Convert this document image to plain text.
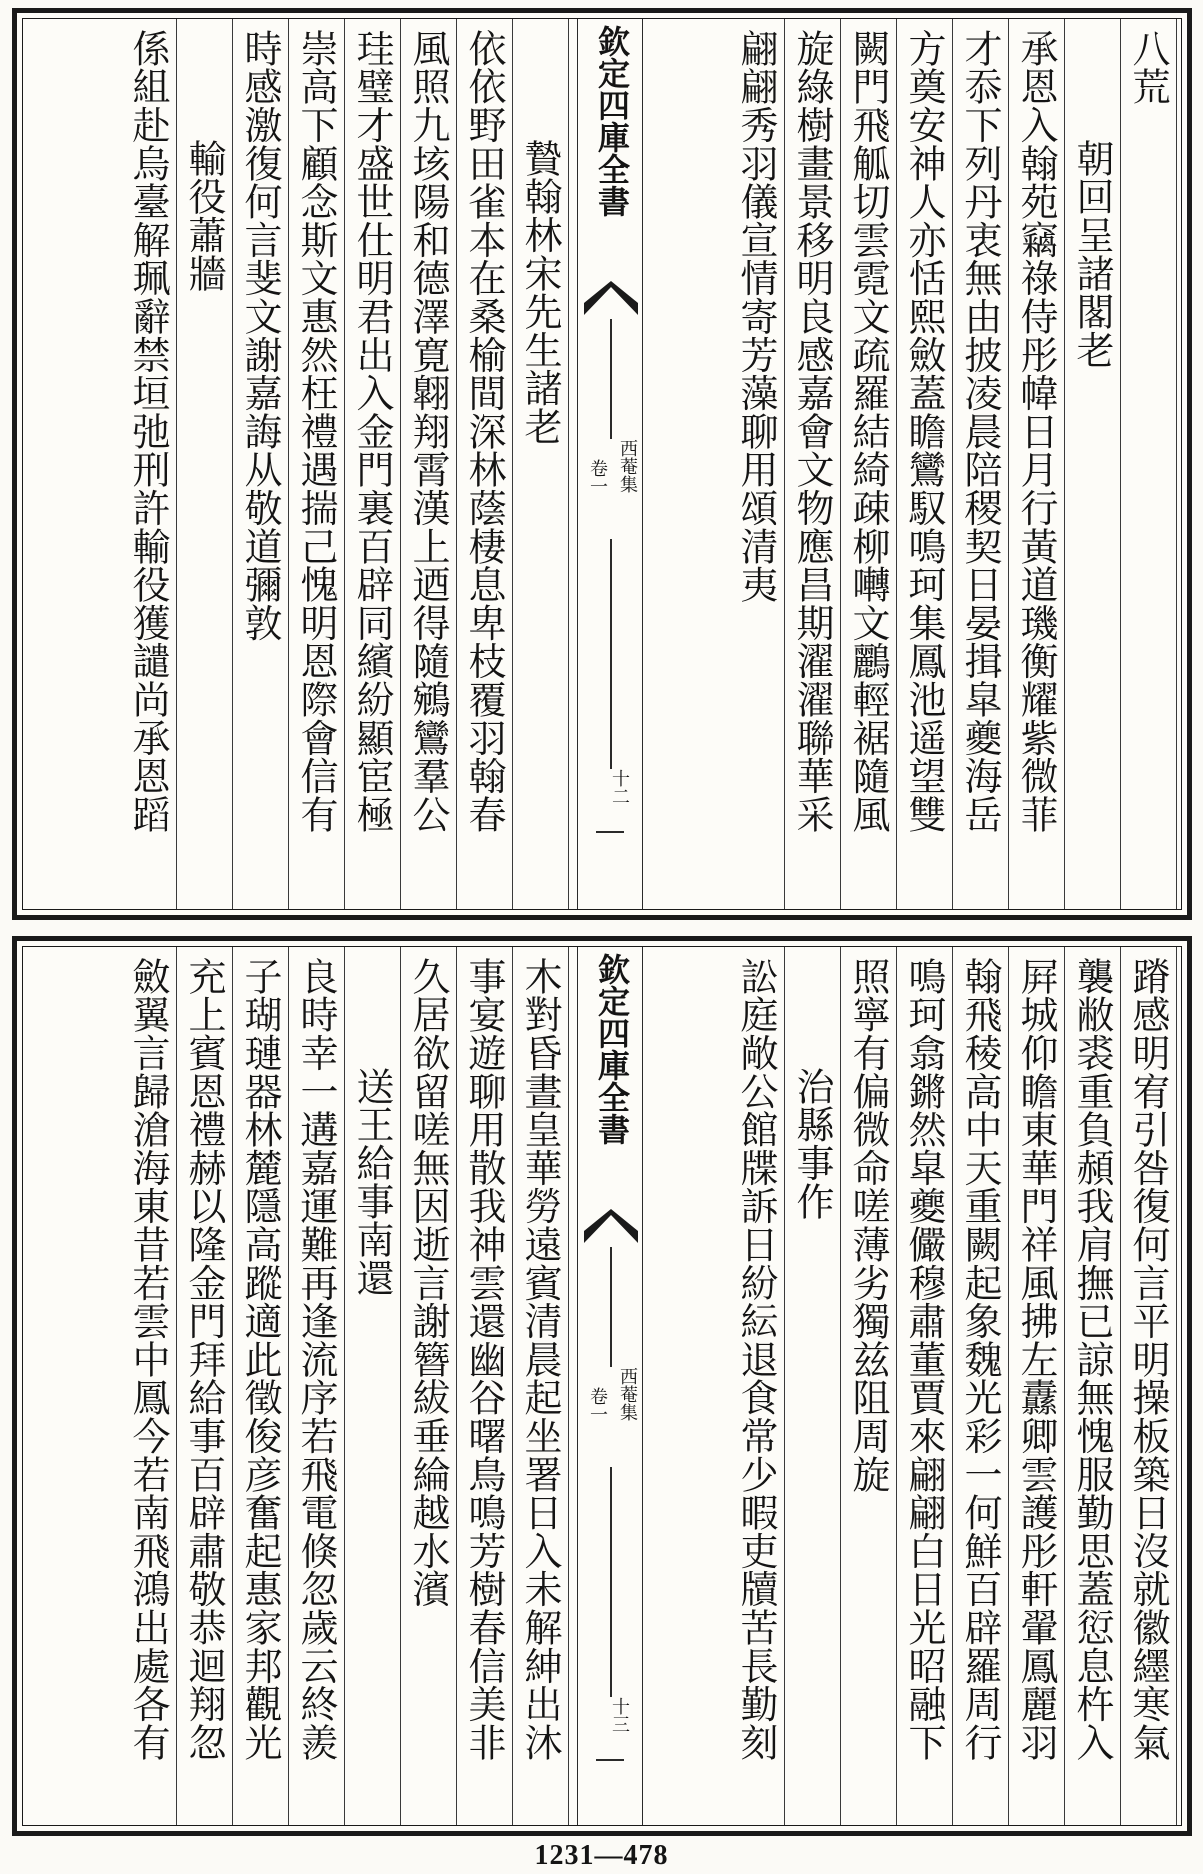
八荒
朝回呈諸閣老
承恩入翰苑竊祿侍彤幃日月行黃道璣衡耀紫微菲
才忝下列丹衷無由披凌晨陪稷契日晏揖皐夔海岳
方奠安神人亦恬熙斂蓋瞻鸞馭鳴珂集鳳池遥望雙
闕門飛觚切雲霓文疏羅結綺疎柳囀文鸝輕裾隨風
旋綠樹畫景移明良感嘉會文物應昌期濯濯聯華采
翩翩秀羽儀宣情寄芳藻聊用頌清夷
欽定四庫全書
西菴集
卷一
十二
贄翰林宋先生諸老
依依野田雀本在桑榆間深林蔭棲息卑枝覆羽翰春
風照九垓陽和德澤寛翺翔霄漢上迺得隨鵷鸞羣公
珪璧才盛世仕明君出入金門裏百辟同繽紛顯宦極
崇高下顧念斯文惠然枉禮遇揣己愧明恩際會信有
時感激復何言斐文謝嘉誨从敬道彌敦
輸役蕭牆
係組赴烏臺解珮辭禁垣弛刑許輸役獲譴尚承恩蹈
蹐感明宥引咎復何言平明操板築日沒就徽纆寒氣
襲敝裘重負頳我肩撫已諒無愧服勤思蓋愆息杵入
屛城仰瞻東華門祥風拂左纛卿雲護彤軒翬鳳麗羽
翰飛稜高中天重闕起象魏光彩一何鮮百辟羅周行
鳴珂翕鏘然皐夔儼穆肅董賈來翩翩白日光昭融下
照寧有偏微命嗟薄劣獨兹阻周旋
治縣事作
訟庭敞公館牒訴日紛紜退食常少暇吏牘苦長勤刻
欽定四庫全書
西菴集
卷一
十三
木對昏晝皇華勞遠賓清晨起坐署日入未解紳出沐
事宴遊聊用散我神雲還幽谷曙鳥鳴芳樹春信美非
久居欲留嗟無因逝言謝簪紱垂綸越水濱
送王給事南還
良時幸一遘嘉運難再逢流序若飛電倏忽歲云終羨
子瑚璉器林麓隱高蹤適此徵俊彦奮起惠家邦觀光
充上賓恩禮赫以隆金門拜給事百辟肅敬恭迴翔忽
斂翼言歸滄海東昔若雲中鳳今若南飛鴻出處各有
1231—478
